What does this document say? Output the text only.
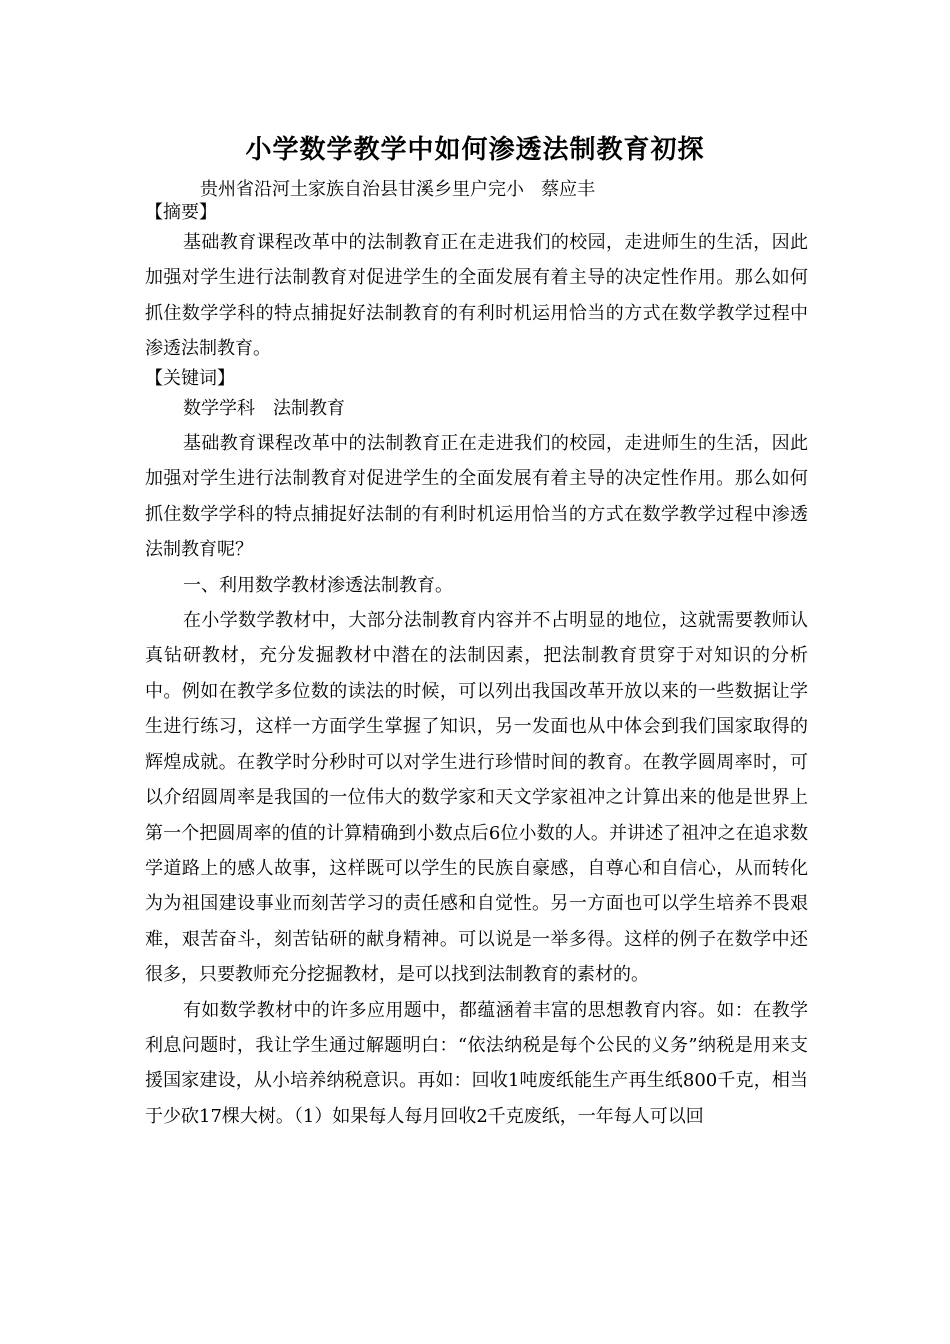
小学数学教学中如何渗透法制教育初探
贵州省沿河土家族自治县甘溪乡里户完小   蔡应丰

【摘要】

基础教育课程改革中的法制教育正在走进我们的校园，走进师生的生活，因此加强对学生进行法制教育对促进学生的全面发展有着主导的决定性作用。那么如何抓住数学学科的特点捕捉好法制教育的有利时机运用恰当的方式在数学教学过程中渗透法制教育。

【关键词】

数学学科　法制教育

基础教育课程改革中的法制教育正在走进我们的校园，走进师生的生活，因此加强对学生进行法制教育对促进学生的全面发展有着主导的决定性作用。那么如何抓住数学学科的特点捕捉好法制的有利时机运用恰当的方式在数学教学过程中渗透法制教育呢？

一、利用数学教材渗透法制教育。

在小学数学教材中，大部分法制教育内容并不占明显的地位，这就需要教师认真钻研教材，充分发掘教材中潜在的法制因素，把法制教育贯穿于对知识的分析中。例如在教学多位数的读法的时候，可以列出我国改革开放以来的一些数据让学生进行练习，这样一方面学生掌握了知识，另一发面也从中体会到我们国家取得的辉煌成就。在教学时分秒时可以对学生进行珍惜时间的教育。在教学圆周率时，可以介绍圆周率是我国的一位伟大的数学家和天文学家祖冲之计算出来的他是世界上第一个把圆周率的值的计算精确到小数点后6位小数的人。并讲述了祖冲之在追求数学道路上的感人故事，这样既可以学生的民族自豪感，自尊心和自信心，从而转化为为祖国建设事业而刻苦学习的责任感和自觉性。另一方面也可以学生培养不畏艰难，艰苦奋斗，刻苦钻研的献身精神。可以说是一举多得。这样的例子在数学中还很多，只要教师充分挖掘教材，是可以找到法制教育的素材的。

有如数学教材中的许多应用题中，都蕴涵着丰富的思想教育内容。如：在教学利息问题时，我让学生通过解题明白：“依法纳税是每个公民的义务”纳税是用来支援国家建设，从小培养纳税意识。再如：回收1吨废纸能生产再生纸800千克，相当于少砍17棵大树。（1）如果每人每月回收2千克废纸，一年每人可以回
